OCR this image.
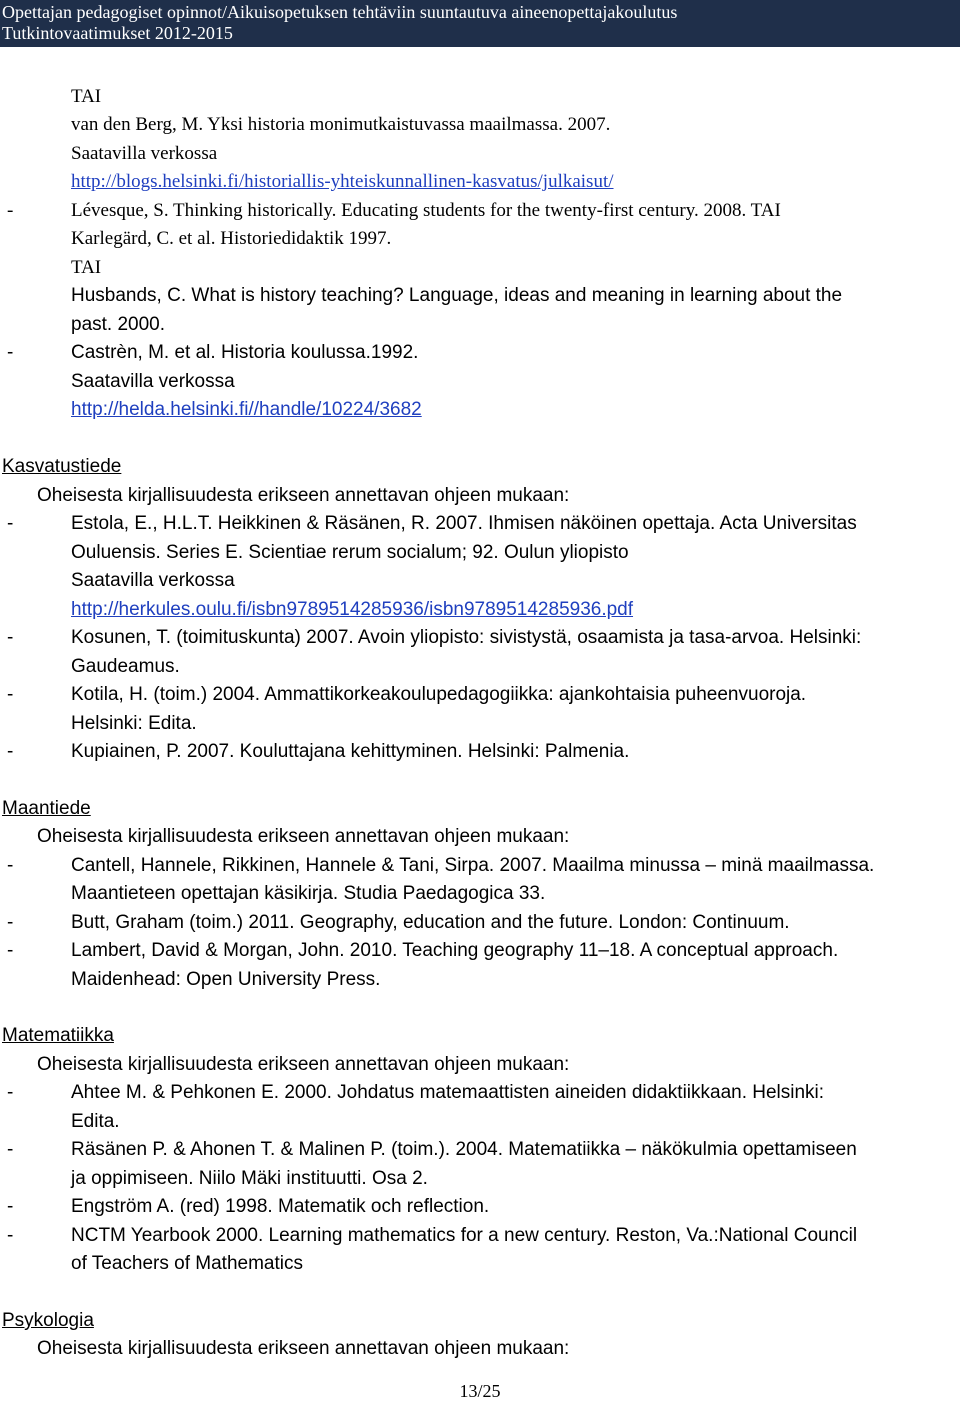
Opettajan pedagogiset opinnot/Aikuisopetuksen tehtäviin suuntautuva aineenopettajakoulutus
Tutkintovaatimukset 2012-2015
TAI
van den Berg, M. Yksi historia monimutkaistuvassa maailmassa. 2007.
Saatavilla verkossa
http://blogs.helsinki.fi/historiallis-yhteiskunnallinen-kasvatus/julkaisut/
-	Lévesque, S. Thinking historically. Educating students for the twenty-first century. 2008. TAI
Karlegärd, C. et al. Historiedidaktik 1997.
TAI
Husbands, C. What is history teaching? Language, ideas and meaning in learning about the
past. 2000.
-	Castrèn, M. et al. Historia koulussa.1992.
Saatavilla verkossa
http://helda.helsinki.fi//handle/10224/3682
Kasvatustiede
Oheisesta kirjallisuudesta erikseen annettavan ohjeen mukaan:
-	Estola, E., H.L.T. Heikkinen & Räsänen, R. 2007. Ihmisen näköinen opettaja. Acta Universitas
Ouluensis. Series E. Scientiae rerum socialum; 92. Oulun yliopisto
Saatavilla verkossa
http://herkules.oulu.fi/isbn9789514285936/isbn9789514285936.pdf
-	Kosunen, T. (toimituskunta) 2007. Avoin yliopisto: sivistystä, osaamista ja tasa-arvoa. Helsinki:
Gaudeamus.
-	Kotila, H. (toim.) 2004. Ammattikorkeakoulupedagogiikka: ajankohtaisia puheenvuoroja.
Helsinki: Edita.
-	Kupiainen, P. 2007. Kouluttajana kehittyminen. Helsinki: Palmenia.
Maantiede
Oheisesta kirjallisuudesta erikseen annettavan ohjeen mukaan:
-	Cantell, Hannele, Rikkinen, Hannele & Tani, Sirpa. 2007. Maailma minussa – minä maailmassa.
Maantieteen opettajan käsikirja. Studia Paedagogica 33.
-	Butt, Graham (toim.) 2011. Geography, education and the future. London: Continuum.
-	Lambert, David & Morgan, John. 2010. Teaching geography 11–18. A conceptual approach.
Maidenhead: Open University Press.
Matematiikka
Oheisesta kirjallisuudesta erikseen annettavan ohjeen mukaan:
-	Ahtee M. & Pehkonen E. 2000. Johdatus matemaattisten aineiden didaktiikkaan. Helsinki:
Edita.
-	Räsänen P. & Ahonen T. & Malinen P. (toim.). 2004. Matematiikka – näkökulmia opettamiseen
ja oppimiseen. Niilo Mäki instituutti. Osa 2.
-	Engström A. (red) 1998. Matematik och reflection.
-	NCTM Yearbook 2000. Learning mathematics for a new century. Reston, Va.:National Council
of Teachers of Mathematics
Psykologia
Oheisesta kirjallisuudesta erikseen annettavan ohjeen mukaan:
13/25
